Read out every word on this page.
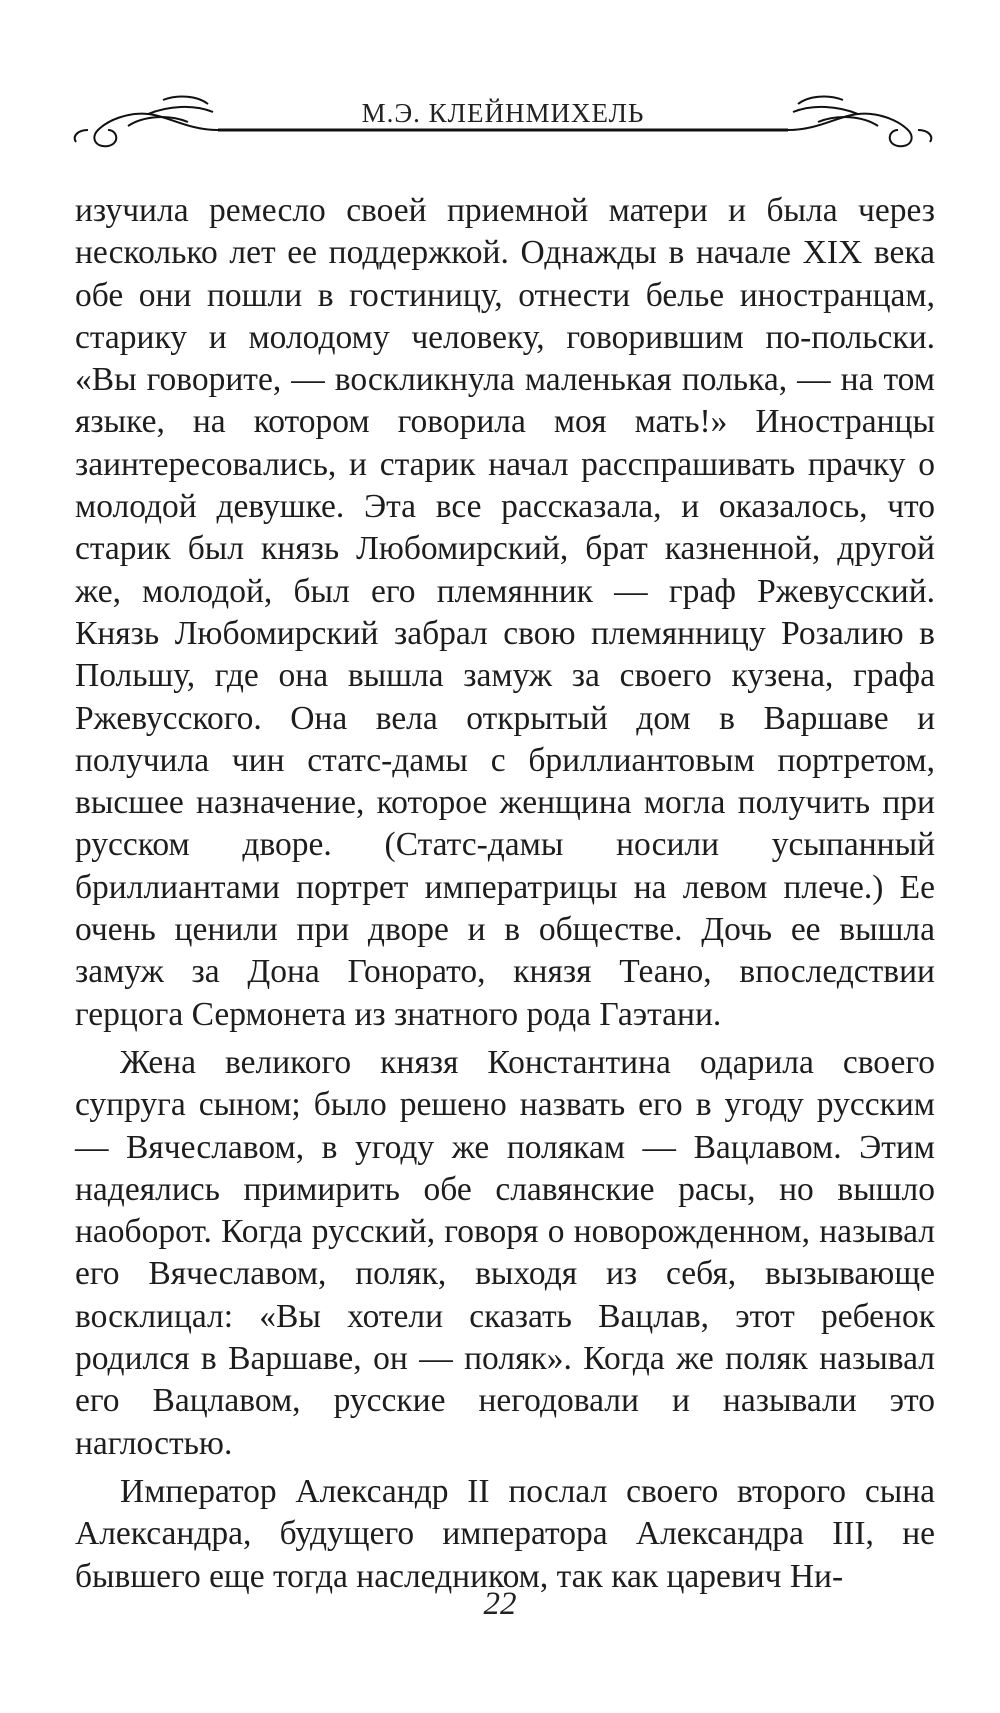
М.Э. КЛЕЙНМИХЕЛЬ

изучила ремесло своей приемной матери и была через несколько лет ее поддержкой. Однажды в начале XIX века обе они пошли в гостиницу, отнести белье иностранцам, старику и молодому человеку, говорившим по-польски. «Вы говорите, — воскликнула маленькая полька, — на том языке, на котором говорила моя мать!» Иностранцы заинтересовались, и старик начал расспрашивать прачку о молодой девушке. Эта все рассказала, и оказалось, что старик был князь Любомирский, брат казненной, другой же, молодой, был его племянник — граф Ржевусский. Князь Любомирский забрал свою племянницу Розалию в Польшу, где она вышла замуж за своего кузена, графа Ржевусского. Она вела открытый дом в Варшаве и получила чин статс-дамы с бриллиантовым портретом, высшее назначение, которое женщина могла получить при русском дворе. (Статс-дамы носили усыпанный бриллиантами портрет императрицы на левом плече.) Ее очень ценили при дворе и в обществе. Дочь ее вышла замуж за Дона Гонорато, князя Теано, впоследствии герцога Сермонета из знатного рода Гаэтани.

Жена великого князя Константина одарила своего супруга сыном; было решено назвать его в угоду русским — Вячеславом, в угоду же полякам — Вацлавом. Этим надеялись примирить обе славянские расы, но вышло наоборот. Когда русский, говоря о новорожденном, называл его Вячеславом, поляк, выходя из себя, вызывающе восклицал: «Вы хотели сказать Вацлав, этот ребенок родился в Варшаве, он — поляк». Когда же поляк называл его Вацлавом, русские негодовали и называли это наглостью.

Император Александр II послал своего второго сына Александра, будущего императора Александра III, не бывшего еще тогда наследником, так как царевич Ни-

22
